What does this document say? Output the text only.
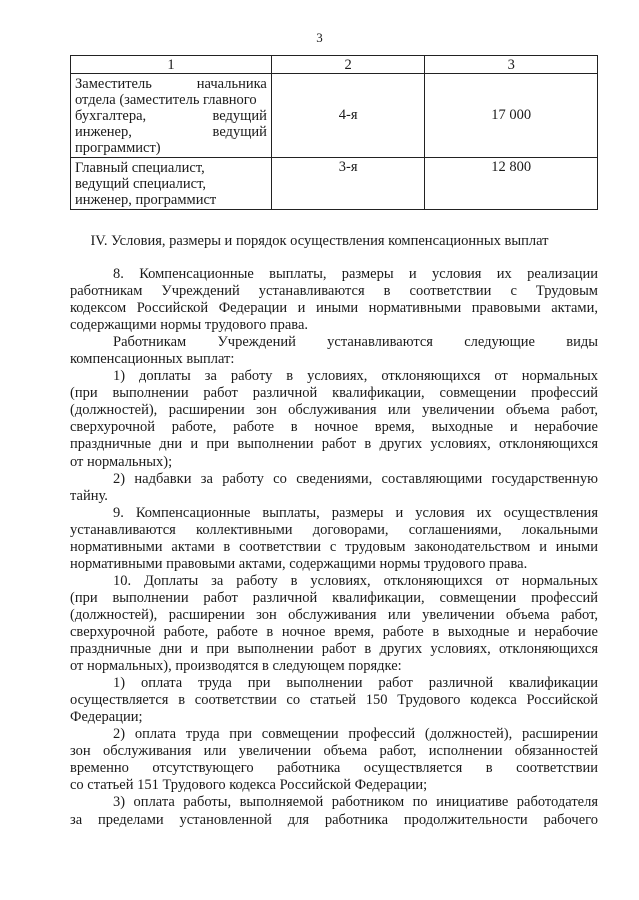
3
1	2	3

Заместитель начальника
отдела (заместитель главного
бухгалтера, ведущий
инженер, ведущий
программист)	4-я	17 000

Главный специалист,
ведущий специалист,
инженер, программист	3-я	12 800
IV. Условия, размеры и порядок осуществления компенсационных выплат
8. Компенсационные выплаты, размеры и условия их реализации
работникам Учреждений устанавливаются в соответствии с Трудовым
кодексом Российской Федерации и иными нормативными правовыми актами,
содержащими нормы трудового права.
Работникам Учреждений устанавливаются следующие виды
компенсационных выплат:
1) доплаты за работу в условиях, отклоняющихся от нормальных
(при выполнении работ различной квалификации, совмещении профессий
(должностей), расширении зон обслуживания или увеличении объема работ,
сверхурочной работе, работе в ночное время, выходные и нерабочие
праздничные дни и при выполнении работ в других условиях, отклоняющихся
от нормальных);
2) надбавки за работу со сведениями, составляющими государственную
тайну.
9. Компенсационные выплаты, размеры и условия их осуществления
устанавливаются коллективными договорами, соглашениями, локальными
нормативными актами в соответствии с трудовым законодательством и иными
нормативными правовыми актами, содержащими нормы трудового права.
10. Доплаты за работу в условиях, отклоняющихся от нормальных
(при выполнении работ различной квалификации, совмещении профессий
(должностей), расширении зон обслуживания или увеличении объема работ,
сверхурочной работе, работе в ночное время, работе в выходные и нерабочие
праздничные дни и при выполнении работ в других условиях, отклоняющихся
от нормальных), производятся в следующем порядке:
1) оплата труда при выполнении работ различной квалификации
осуществляется в соответствии со статьей 150 Трудового кодекса Российской
Федерации;
2) оплата труда при совмещении профессий (должностей), расширении
зон обслуживания или увеличении объема работ, исполнении обязанностей
временно отсутствующего работника осуществляется в соответствии
со статьей 151 Трудового кодекса Российской Федерации;
3) оплата работы, выполняемой работником по инициативе работодателя
за пределами установленной для работника продолжительности рабочего
